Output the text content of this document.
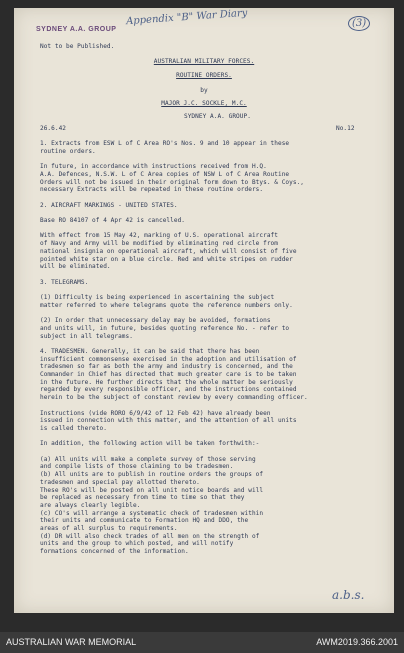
SYDNEY A.A. GROUP
Appendix "B" War Diary	(3)
Not to be Published.
AUSTRALIAN MILITARY FORCES.
ROUTINE ORDERS.
by
MAJOR J.C. SOCKLE, M.C.
SYDNEY A.A. GROUP.
26.6.42	No.12
1. Extracts from ESW L of C Area RO's Nos. 9 and 10 appear in these
routine orders.
In future, in accordance with instructions received from H.Q.
A.A. Defences, N.S.W. L of C Area copies of NSW L of C Area Routine
Orders will not be issued in their original form down to Btys. & Coys.,
necessary Extracts will be repeated in these routine orders.
2. AIRCRAFT MARKINGS - UNITED STATES.
Base RO 84107 of 4 Apr 42 is cancelled.
With effect from 15 May 42, marking of U.S. operational aircraft
of Navy and Army will be modified by eliminating red circle from
national insignia on operational aircraft, which will consist of five
pointed white star on a blue circle. Red and white stripes on rudder
will be eliminated.
3. TELEGRAMS.
(1) Difficulty is being experienced in ascertaining the subject
matter referred to where telegrams quote the reference numbers only.
(2) In order that unnecessary delay may be avoided, formations
and units will, in future, besides quoting reference No. - refer to
subject in all telegrams.
4. TRADESMEN. Generally, it can be said that there has been
insufficient commonsense exercised in the adoption and utilisation of
tradesmen so far as both the army and industry is concerned, and the
Commander in Chief has directed that much greater care is to be taken
in the future. He further directs that the whole matter be seriously
regarded by every responsible officer, and the instructions contained
herein to be the subject of constant review by every commanding officer.
Instructions (vide RORO 6/9/42 of 12 Feb 42) have already been
issued in connection with this matter, and the attention of all units
is called thereto.
In addition, the following action will be taken forthwith:-
(a) All units will make a complete survey of those serving
and compile lists of those claiming to be tradesmen.
(b) All units are to publish in routine orders the groups of
tradesmen and special pay allotted thereto.
These RO's will be posted on all unit notice boards and will
be replaced as necessary from time to time so that they
are always clearly legible.
(c) CO's will arrange a systematic check of tradesmen within
their units and communicate to Formation HQ and DDO, the
areas of all surplus to requirements.
(d) DR will also check trades of all men on the strength of
units and the group to which posted, and will notify
formations concerned of the information.
a.b.s.
AUSTRALIAN WAR MEMORIAL	AWM2019.366.2001
